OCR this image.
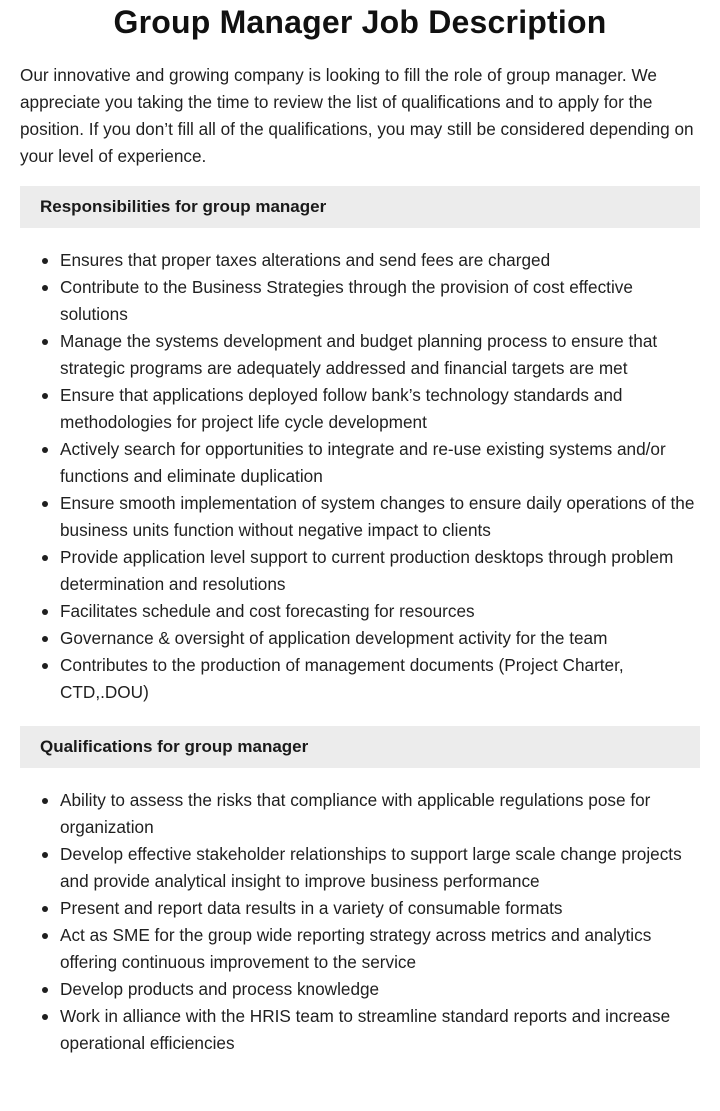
Group Manager Job Description

Our innovative and growing company is looking to fill the role of group manager. We appreciate you taking the time to review the list of qualifications and to apply for the position. If you don’t fill all of the qualifications, you may still be considered depending on your level of experience.

Responsibilities for group manager
Ensures that proper taxes alterations and send fees are charged
Contribute to the Business Strategies through the provision of cost effective solutions
Manage the systems development and budget planning process to ensure that strategic programs are adequately addressed and financial targets are met
Ensure that applications deployed follow bank’s technology standards and methodologies for project life cycle development
Actively search for opportunities to integrate and re-use existing systems and/or functions and eliminate duplication
Ensure smooth implementation of system changes to ensure daily operations of the business units function without negative impact to clients
Provide application level support to current production desktops through problem determination and resolutions
Facilitates schedule and cost forecasting for resources
Governance & oversight of application development activity for the team
Contributes to the production of management documents (Project Charter, CTD,.DOU)
Qualifications for group manager
Ability to assess the risks that compliance with applicable regulations pose for organization
Develop effective stakeholder relationships to support large scale change projects and provide analytical insight to improve business performance
Present and report data results in a variety of consumable formats
Act as SME for the group wide reporting strategy across metrics and analytics offering continuous improvement to the service
Develop products and process knowledge
Work in alliance with the HRIS team to streamline standard reports and increase operational efficiencies
